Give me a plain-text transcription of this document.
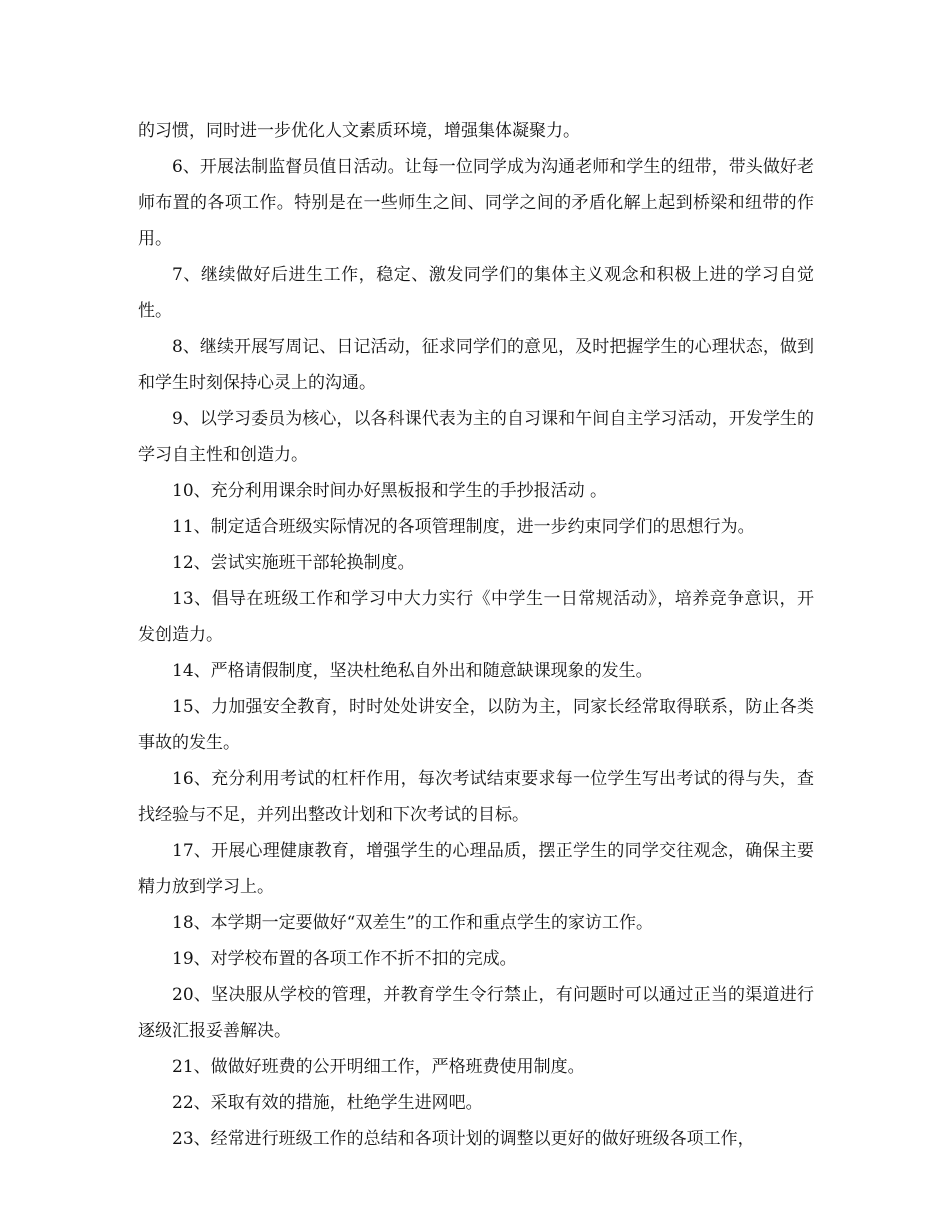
的习惯，同时进一步优化人文素质环境，增强集体凝聚力。

6、开展法制监督员值日活动。让每一位同学成为沟通老师和学生的纽带，带头做好老师布置的各项工作。特别是在一些师生之间、同学之间的矛盾化解上起到桥梁和纽带的作用。

7、继续做好后进生工作，稳定、激发同学们的集体主义观念和积极上进的学习自觉性。

8、继续开展写周记、日记活动，征求同学们的意见，及时把握学生的心理状态，做到和学生时刻保持心灵上的沟通。

9、以学习委员为核心，以各科课代表为主的自习课和午间自主学习活动，开发学生的学习自主性和创造力。

10、充分利用课余时间办好黑板报和学生的手抄报活动 。

11、制定适合班级实际情况的各项管理制度，进一步约束同学们的思想行为。

12、尝试实施班干部轮换制度。

13、倡导在班级工作和学习中大力实行《中学生一日常规活动》，培养竞争意识，开发创造力。

14、严格请假制度，坚决杜绝私自外出和随意缺课现象的发生。

15、力加强安全教育，时时处处讲安全，以防为主，同家长经常取得联系，防止各类事故的发生。

16、充分利用考试的杠杆作用，每次考试结束要求每一位学生写出考试的得与失，查找经验与不足，并列出整改计划和下次考试的目标。

17、开展心理健康教育，增强学生的心理品质，摆正学生的同学交往观念，确保主要精力放到学习上。

18、本学期一定要做好“双差生”的工作和重点学生的家访工作。

19、对学校布置的各项工作不折不扣的完成。

20、坚决服从学校的管理，并教育学生令行禁止，有问题时可以通过正当的渠道进行逐级汇报妥善解决。

21、做做好班费的公开明细工作，严格班费使用制度。

22、采取有效的措施，杜绝学生进网吧。

23、经常进行班级工作的总结和各项计划的调整以更好的做好班级各项工作，
